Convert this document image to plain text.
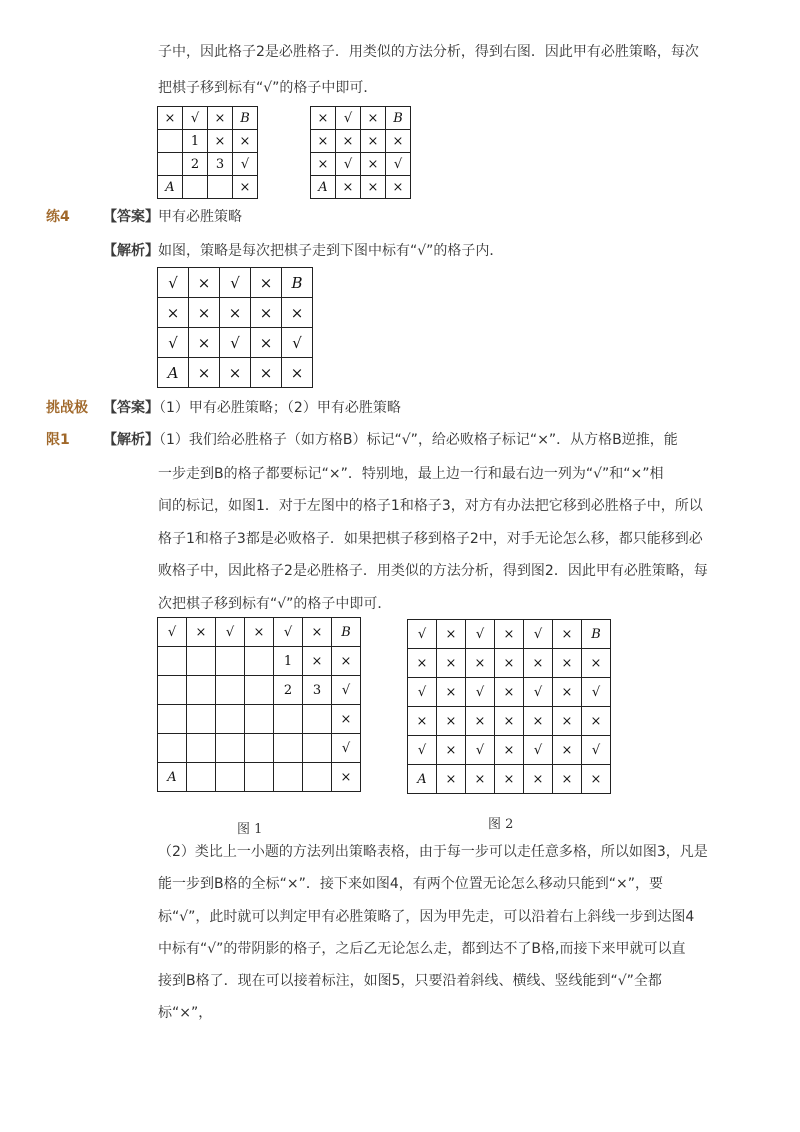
子中，因此格子2是必胜格子．用类似的方法分析，得到右图．因此甲有必胜策略，每次
把棋子移到标有“√”的格子中即可．
×	√	×	B
	1	×	×
	2	3	√
A			×
×	√	×	B
×	×	×	×
×	√	×	√
A	×	×	×
练4 【答案】 甲有必胜策略
【解析】 如图，策略是每次把棋子走到下图中标有“√”的格子内．
√	×	√	×	B
×	×	×	×	×
√	×	√	×	√
A	×	×	×	×
挑战极 【答案】
（1）甲有必胜策略；（2）甲有必胜策略
限1 【解析】
（1）我们给必胜格子（如方格B）标记“√”，给必败格子标记“×”．从方格B逆推，能
一步走到B的格子都要标记“×”．特别地，最上边一行和最右边一列为“√”和“×”相
间的标记，如图1．对于左图中的格子1和格子3，对方有办法把它移到必胜格子中，所以
格子1和格子3都是必败格子．如果把棋子移到格子2中，对手无论怎么移，都只能移到必
败格子中，因此格子2是必胜格子．用类似的方法分析，得到图2．因此甲有必胜策略，每
次把棋子移到标有“√”的格子中即可．
√	×	√	×	√	×	B
				1	×	×
				2	3	√
						×
						√
A						×
√	×	√	×	√	×	B
×	×	×	×	×	×	×
√	×	√	×	√	×	√
×	×	×	×	×	×	×
√	×	√	×	√	×	√
A	×	×	×	×	×	×
图 1	图 2
（2）类比上一小题的方法列出策略表格，由于每一步可以走任意多格，所以如图3，凡是
能一步到B格的全标“×”．接下来如图4，有两个位置无论怎么移动只能到“×”，要
标“√”，此时就可以判定甲有必胜策略了，因为甲先走，可以沿着右上斜线一步到达图4
中标有“√”的带阴影的格子，之后乙无论怎么走，都到达不了B格,而接下来甲就可以直
接到B格了．现在可以接着标注，如图5，只要沿着斜线、横线、竖线能到“√”全都
标“×”，
